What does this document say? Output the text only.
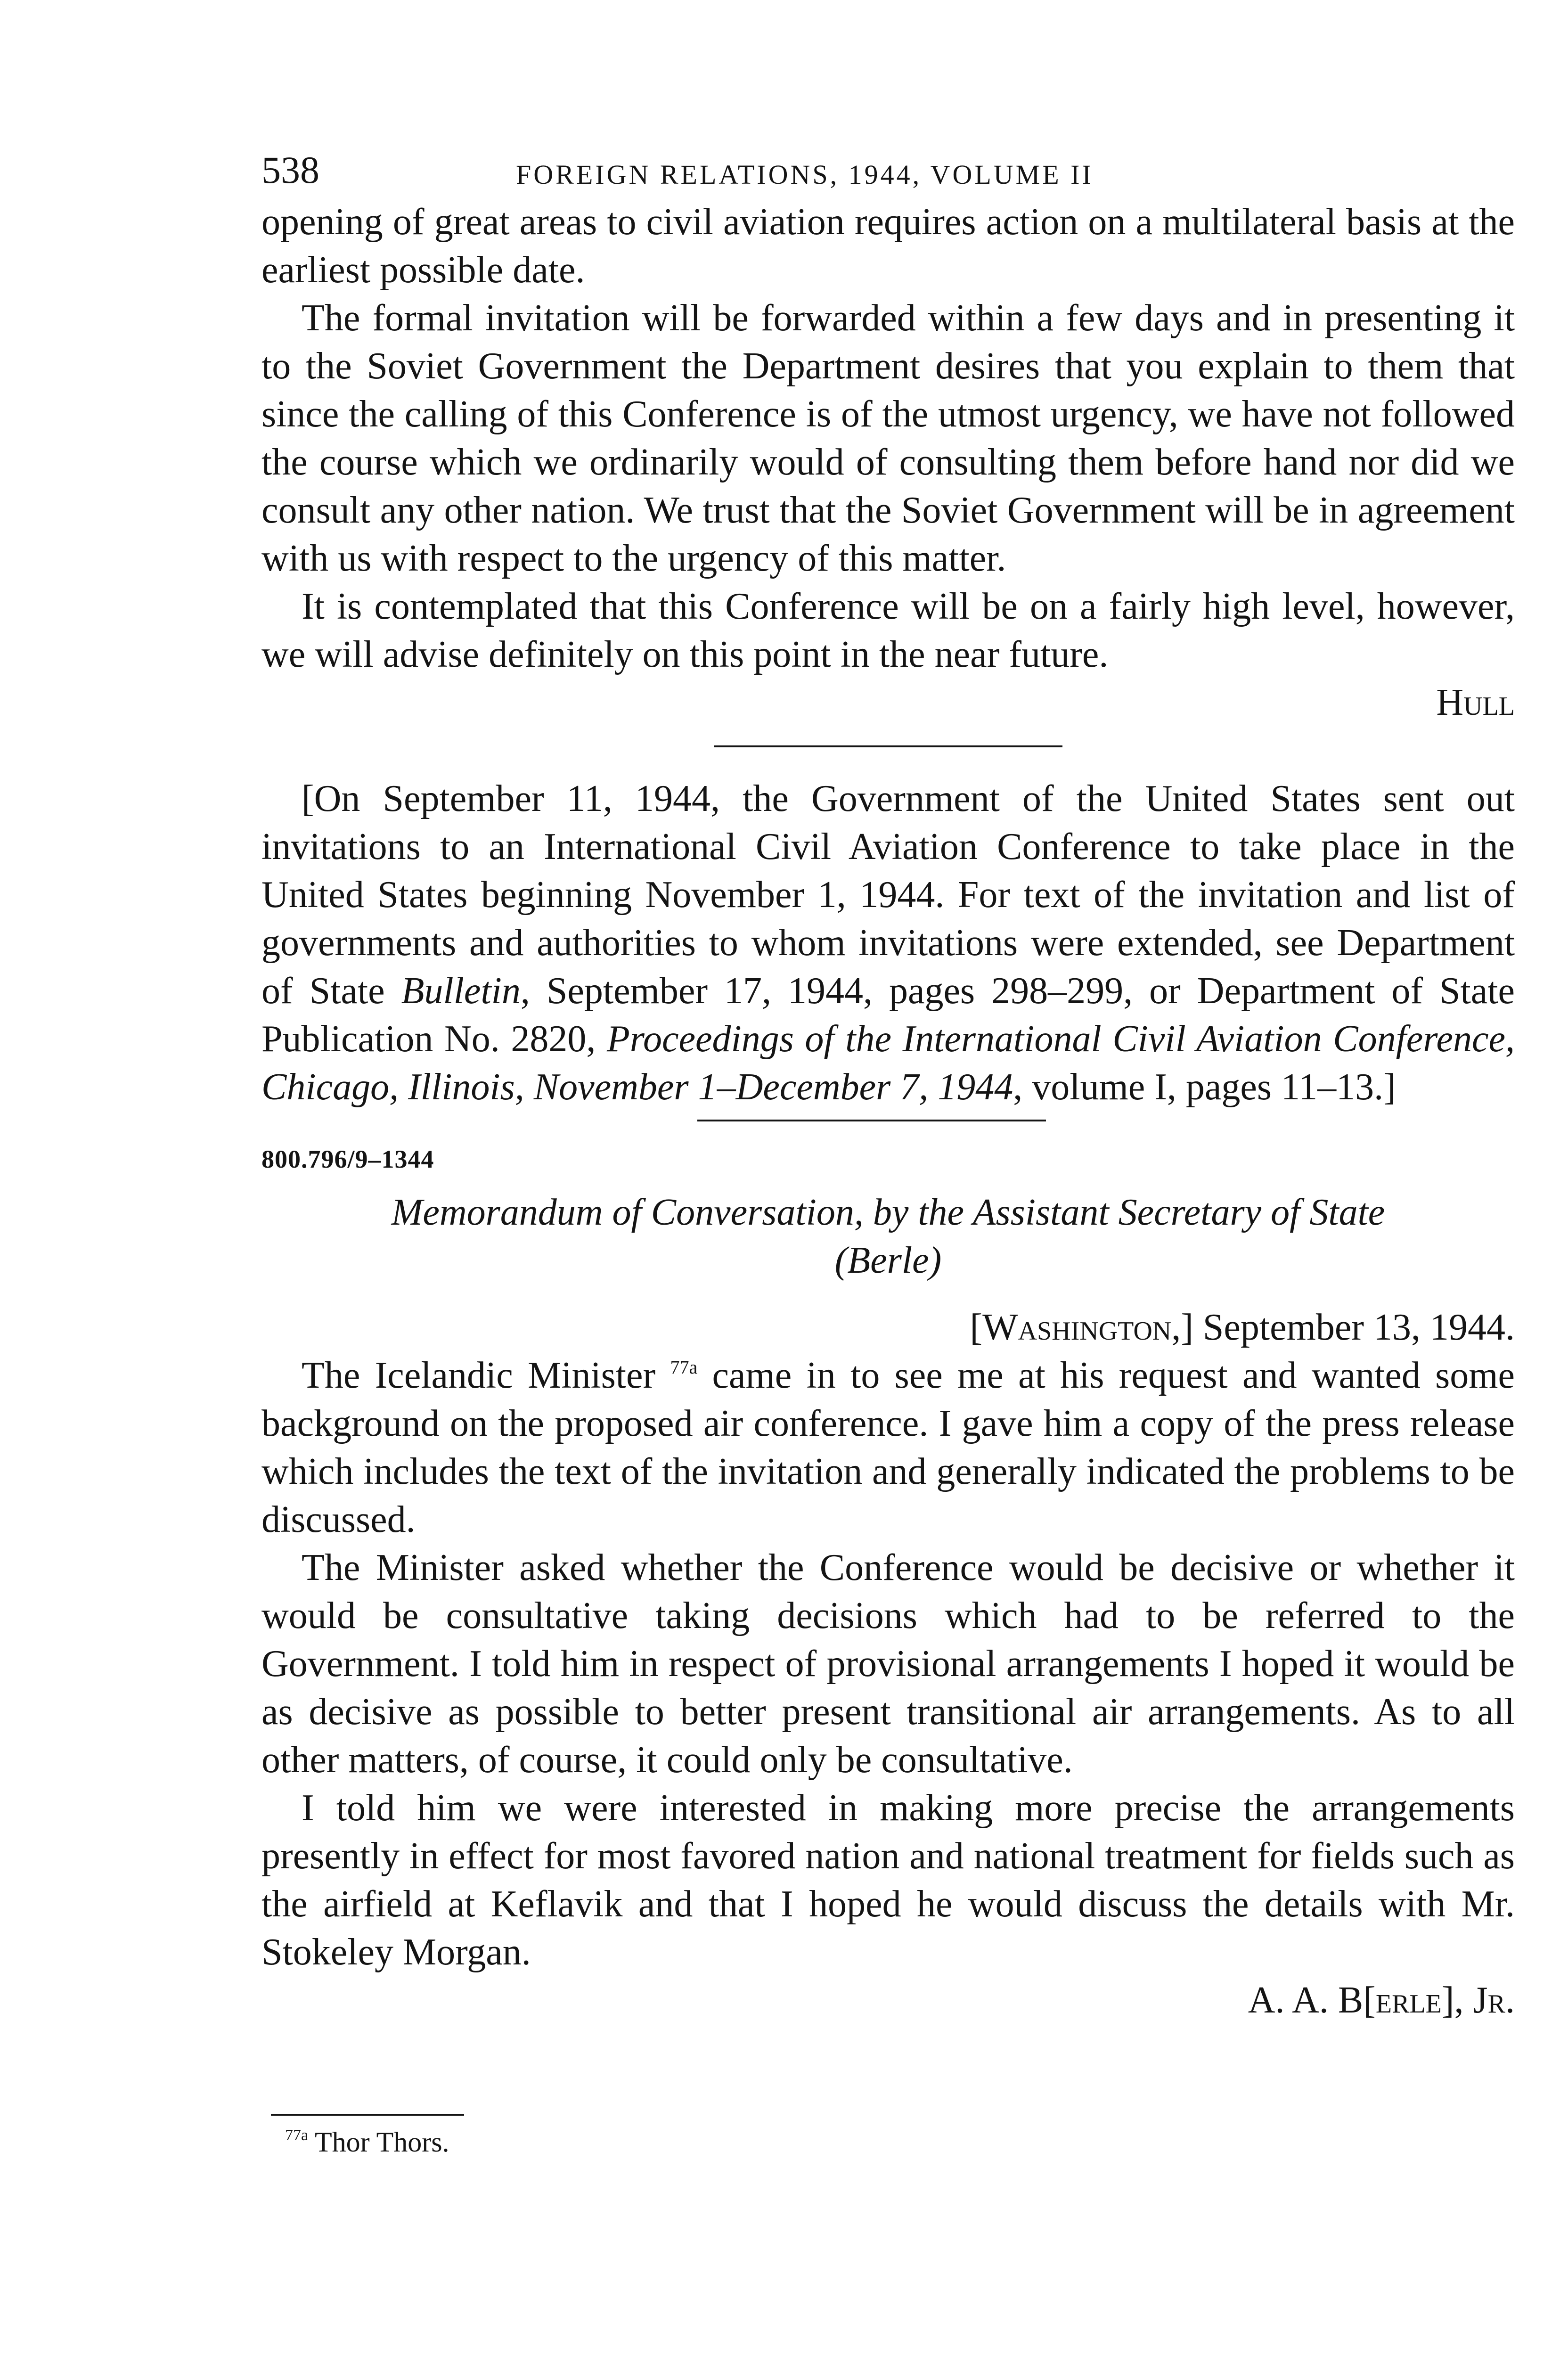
538	FOREIGN RELATIONS, 1944, VOLUME II

opening of great areas to civil aviation requires action on a multilateral basis at the earliest possible date.

The formal invitation will be forwarded within a few days and in presenting it to the Soviet Government the Department desires that you explain to them that since the calling of this Conference is of the utmost urgency, we have not followed the course which we ordinarily would of consulting them before hand nor did we consult any other nation. We trust that the Soviet Government will be in agreement with us with respect to the urgency of this matter.

It is contemplated that this Conference will be on a fairly high level, however, we will advise definitely on this point in the near future.

Hull

[On September 11, 1944, the Government of the United States sent out invitations to an International Civil Aviation Conference to take place in the United States beginning November 1, 1944. For text of the invitation and list of governments and authorities to whom invitations were extended, see Department of State Bulletin, September 17, 1944, pages 298–299, or Department of State Publication No. 2820, Proceedings of the International Civil Aviation Conference, Chicago, Illinois, November 1–December 7, 1944, volume I, pages 11–13.]

800.796/9–1344
Memorandum of Conversation, by the Assistant Secretary of State
(Berle)
[Washington,] September 13, 1944.

The Icelandic Minister $^{77a}$ came in to see me at his request and wanted some background on the proposed air conference. I gave him a copy of the press release which includes the text of the invitation and generally indicated the problems to be discussed.

The Minister asked whether the Conference would be decisive or whether it would be consultative taking decisions which had to be referred to the Government. I told him in respect of provisional arrangements I hoped it would be as decisive as possible to better present transitional air arrangements. As to all other matters, of course, it could only be consultative.

I told him we were interested in making more precise the arrangements presently in effect for most favored nation and national treatment for fields such as the airfield at Keflavik and that I hoped he would discuss the details with Mr. Stokeley Morgan.

A. A. B[erle], Jr.

$^{77a}$ Thor Thors.
